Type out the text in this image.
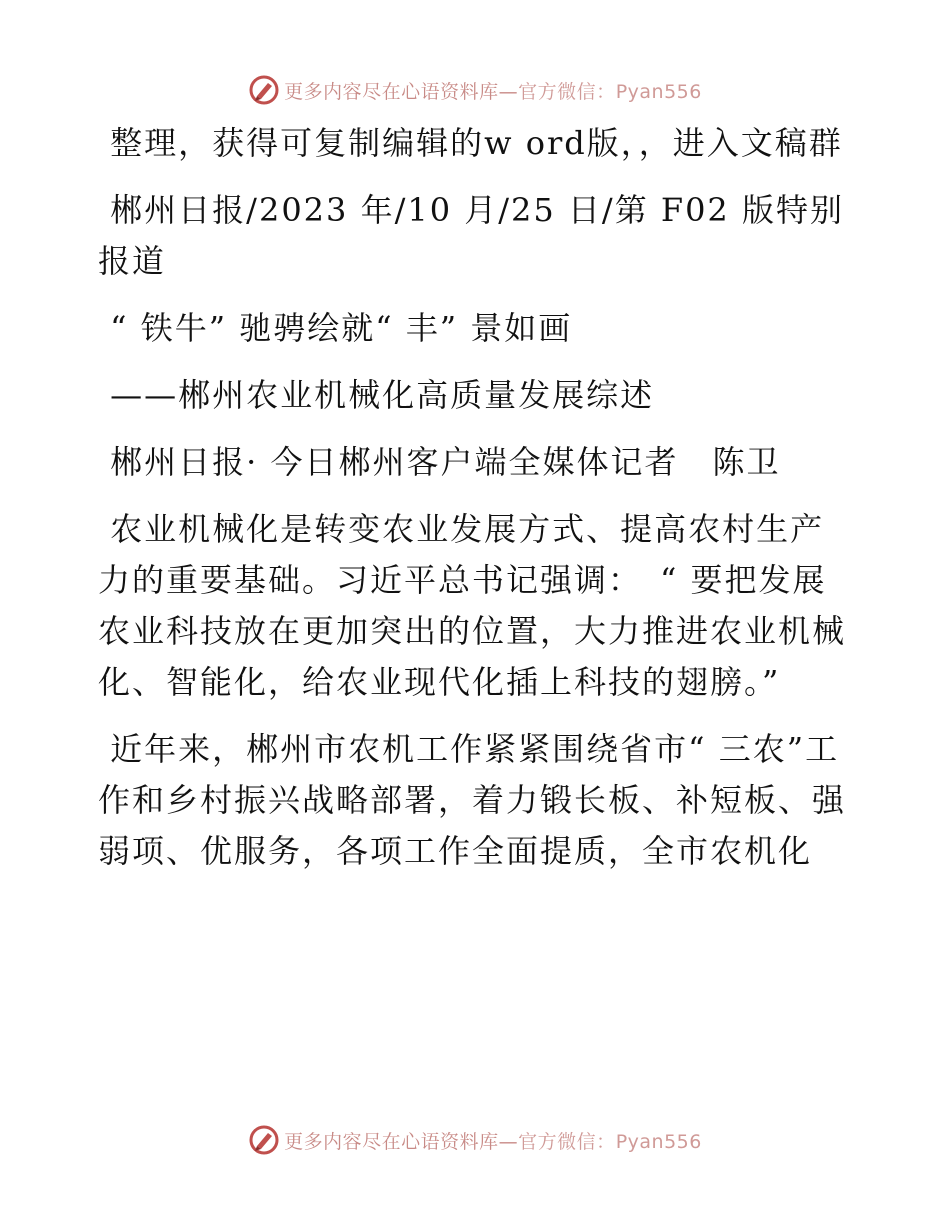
更多内容尽在心语资料库—官方微信：Pyan556

整理，获得可复制编辑的w ord版，，进入文稿群

郴州日报/2023 年/10 月/25 日/第 F02 版特别报道

“ 铁牛” 驰骋绘就“ 丰” 景如画

——郴州农业机械化高质量发展综述

郴州日报· 今日郴州客户端全媒体记者　陈卫

农业机械化是转变农业发展方式、提高农村生产力的重要基础。习近平总书记强调：　“ 要把发展农业科技放在更加突出的位置，大力推进农业机械化、智能化，给农业现代化插上科技的翅膀。”

近年来，郴州市农机工作紧紧围绕省市“ 三农”工作和乡村振兴战略部署，着力锻长板、补短板、强弱项、优服务，各项工作全面提质，全市农机化

更多内容尽在心语资料库—官方微信：Pyan556
